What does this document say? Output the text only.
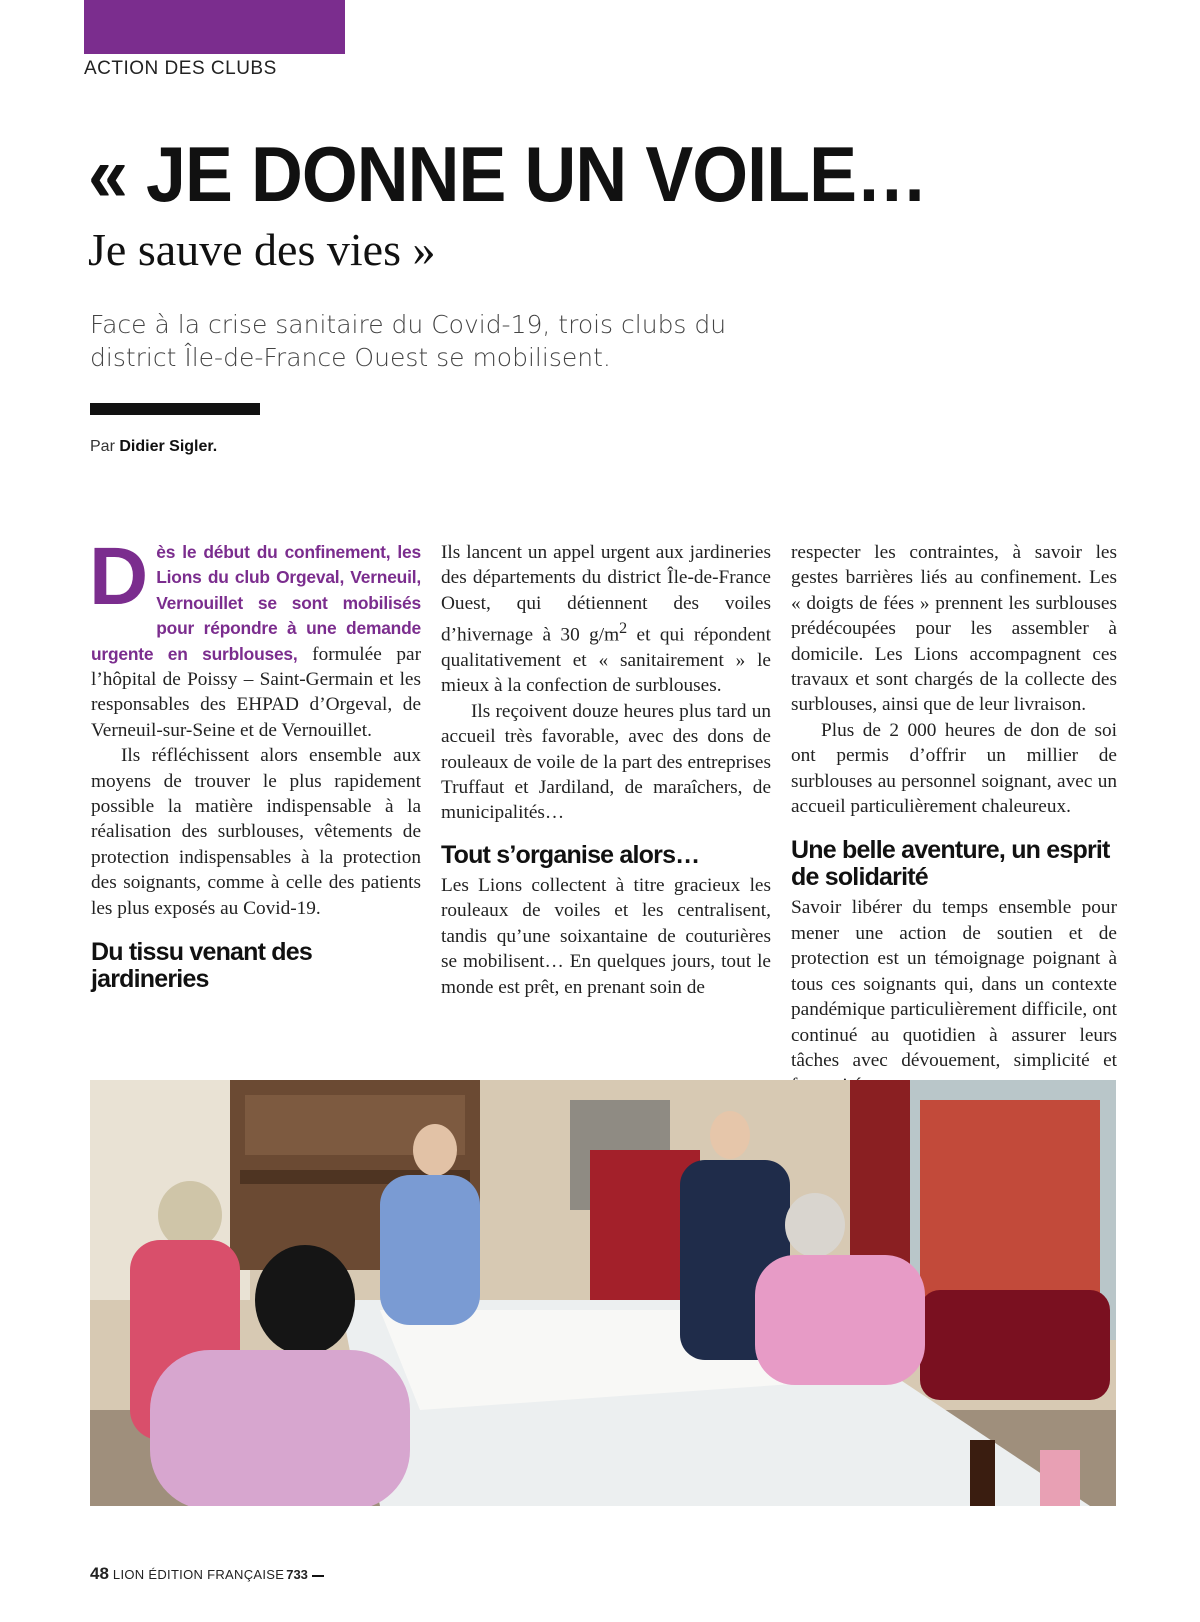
ACTION DES CLUBS
« JE DONNE UN VOILE…
Je sauve des vies »

Face à la crise sanitaire du Covid-19, trois clubs du district Île-de-France Ouest se mobilisent.

Par Didier Sigler.

Dès le début du confinement, les Lions du club Orgeval, Verneuil, Vernouillet se sont mobilisés pour répondre à une demande urgente en surblouses, formulée par l’hôpital de Poissy – Saint-Germain et les responsables des EHPAD d’Orgeval, de Verneuil-sur-Seine et de Vernouillet.

Ils réfléchissent alors ensemble aux moyens de trouver le plus rapidement possible la matière indispensable à la réalisation des surblouses, vêtements de protection indispensables à la protection des soignants, comme à celle des patients les plus exposés au Covid-19.

Du tissu venant des jardineries

Ils lancent un appel urgent aux jardineries des départements du district Île-de-France Ouest, qui détiennent des voiles d’hivernage à 30 $g/m^2$ et qui répondent qualitativement et « sanitairement » le mieux à la confection de surblouses.

Ils reçoivent douze heures plus tard un accueil très favorable, avec des dons de rouleaux de voile de la part des entreprises Truffaut et Jardiland, de maraîchers, de municipalités…

Tout s’organise alors…

Les Lions collectent à titre gracieux les rouleaux de voiles et les centralisent, tandis qu’une soixantaine de couturières se mobilisent… En quelques jours, tout le monde est prêt, en prenant soin de

respecter les contraintes, à savoir les gestes barrières liés au confinement. Les « doigts de fées » prennent les surblouses prédécoupées pour les assembler à domicile. Les Lions accompagnent ces travaux et sont chargés de la collecte des surblouses, ainsi que de leur livraison.

Plus de 2 000 heures de don de soi ont permis d’offrir un millier de surblouses au personnel soignant, avec un accueil particulièrement chaleureux.

Une belle aventure, un esprit de solidarité

Savoir libérer du temps ensemble pour mener une action de soutien et de protection est un témoignage poignant à tous ces soignants qui, dans un contexte pandémique particulièrement difficile, ont continué au quotidien à assurer leurs tâches avec dévouement, simplicité et

48 LION ÉDITION FRANÇAISE 733
